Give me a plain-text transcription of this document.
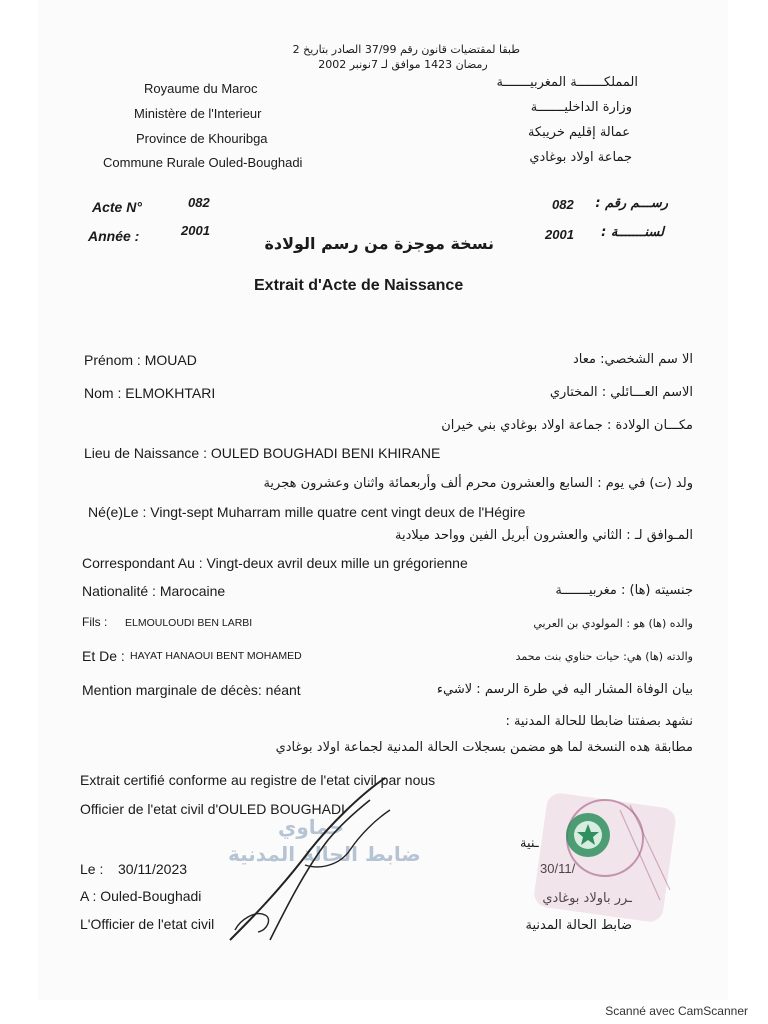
طبقا لمقتضيات قانون رقم 37/99 الصادر بتاريخ 2
رمضان 1423 موافق لـ 7نونبر 2002
Royaume du Maroc
Ministère de l'Interieur
Province de Khouribga
Commune Rurale Ouled-Boughadi
المملكـــــــة المغربيـــــــة
وزارة الداخليـــــــة
عمالة إقليم خريبكة
جماعة اولاد بوغادي
Acte N°	082
Année :	2001
رســـم رقم :
082
لسنـــــــة :
2001
نسخة موجزة من رسم الولادة
Extrait d'Acte de Naissance
Prénom : MOUAD	الا سم الشخصي: معاد
Nom : ELMOKHTARI	الاسم العـــائلي : المختاري
مكـــان الولادة : جماعة اولاد بوغادي بني خيران
Lieu de Naissance : OULED BOUGHADI BENI KHIRANE
ولد (ت) في يوم : السابع والعشرون محرم ألف وأربعمائة واثنان وعشرون هجرية
Né(e)Le : Vingt-sept Muharram mille quatre cent vingt deux de l'Hégire
المـوافق لـ : الثاني والعشرون أبريل الفين وواحد ميلادية
Correspondant Au : Vingt-deux avril deux mille un grégorienne
Nationalité : Marocaine	جنسيته (ها) : مغربيـــــــة
Fils : ELMOULOUDI BEN LARBI	والده (ها) هو : المولودي بن العربي
Et De : HAYAT HANAOUI BENT MOHAMED	والدته (ها) هي: حيات حناوي بنت محمد
Mention marginale de décès: néant	بيان الوفاة المشار اليه في طرة الرسم : لاشيء
نشهد بصفتنا ضابطا للحالة المدنية :
مطابقة هده النسخة لما هو مضمن بسجلات الحالة المدنية لجماعة اولاد بوغادي
Extrait certifié conforme au registre de l'etat civil par nous
Officier de l'etat civil d'OULED BOUGHADI
حماوي
ضابط الحالة المدنية
Le : 30/11/2023
A : Ouled-Boughadi
L'Officier de l'etat civil
ـنية
30/11/
ـرر باولاد بوغادي
ضابط الحالة المدنية
Scanné avec CamScanner
